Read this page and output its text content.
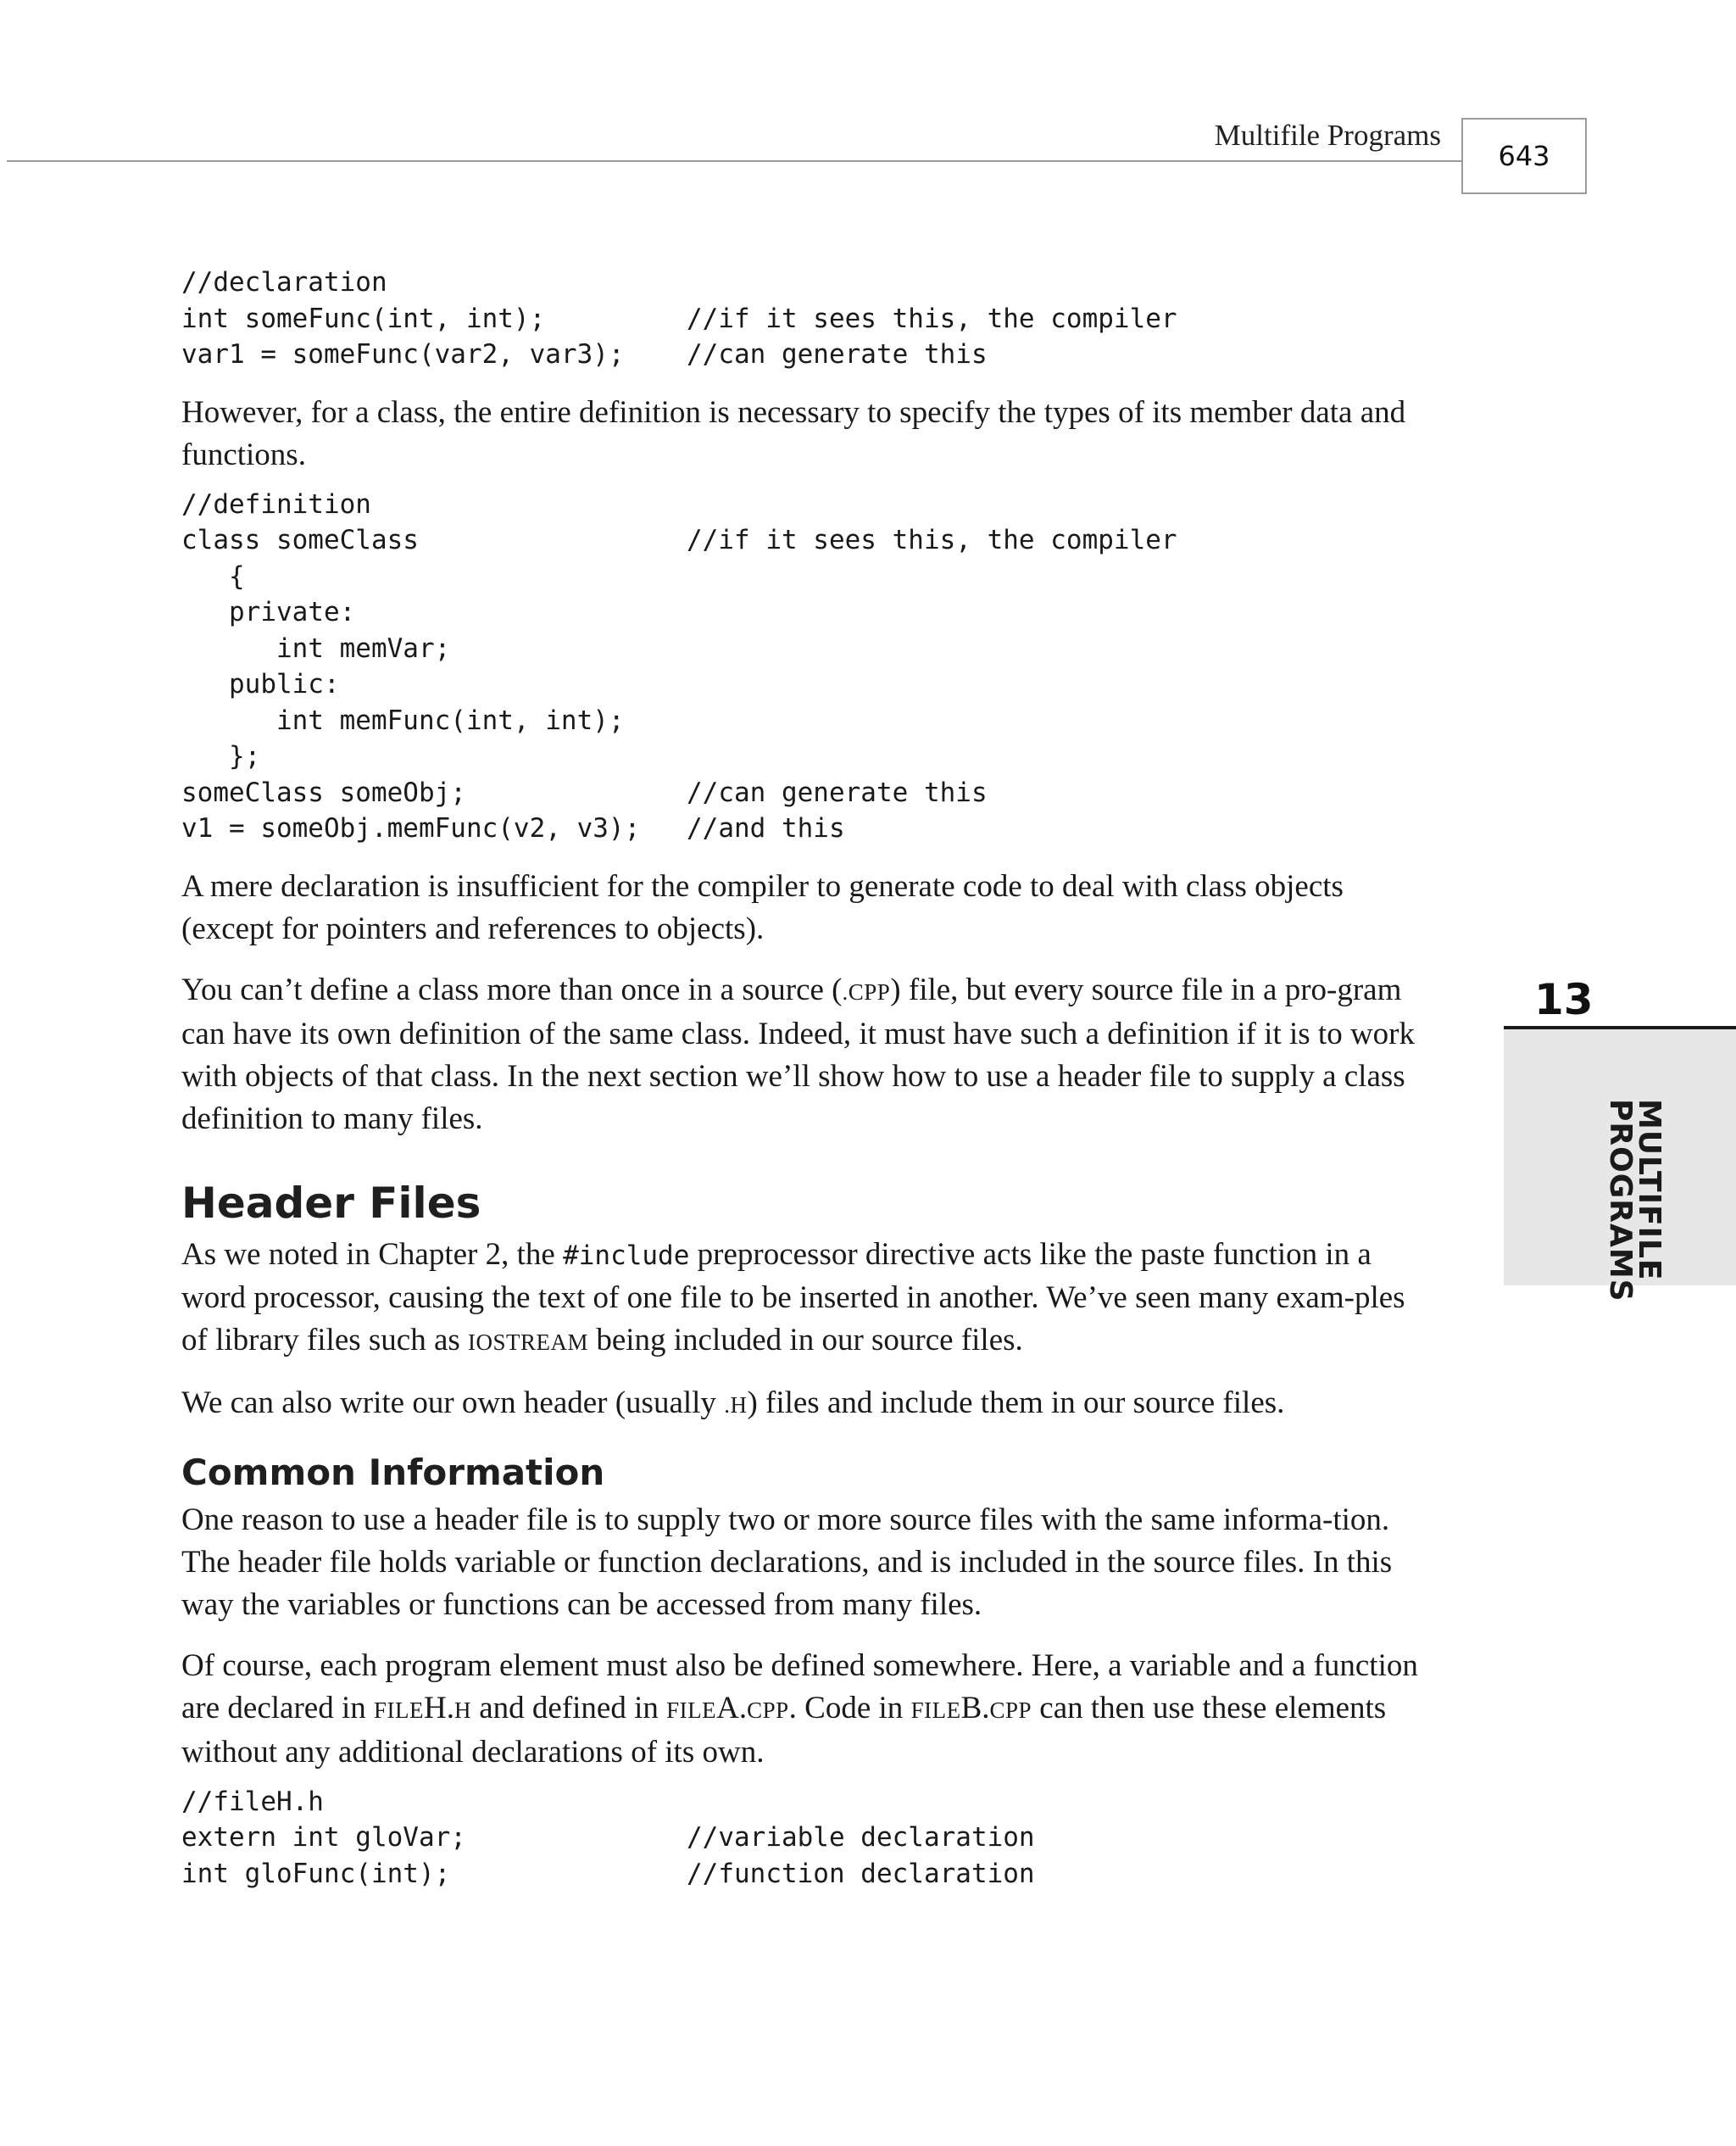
Multifile Programs
643
13
MULTIFILE
PROGRAMS
//declaration
int someFunc(int, int);	//if it sees this, the compiler
var1 = someFunc(var2, var3); //can generate this

However, for a class, the entire definition is necessary to specify the types of its member data and functions.

//definition
class someClass	//if it sees this, the compiler
{
private:
int memVar;
public:
int memFunc(int, int);
};
someClass someObj;	//can generate this
v1 = someObj.memFunc(v2, v3); //and this

A mere declaration is insufficient for the compiler to generate code to deal with class objects (except for pointers and references to objects).

You can’t define a class more than once in a source (.CPP) file, but every source file in a pro-gram can have its own definition of the same class. Indeed, it must have such a definition if it is to work with objects of that class. In the next section we’ll show how to use a header file to supply a class definition to many files.

Header Files

As we noted in Chapter 2, the #include preprocessor directive acts like the paste function in a word processor, causing the text of one file to be inserted in another. We’ve seen many exam-ples of library files such as IOSTREAM being included in our source files.

We can also write our own header (usually .H) files and include them in our source files.

Common Information

One reason to use a header file is to supply two or more source files with the same informa-tion. The header file holds variable or function declarations, and is included in the source files. In this way the variables or functions can be accessed from many files.

Of course, each program element must also be defined somewhere. Here, a variable and a function are declared in FILEH.H and defined in FILEA.CPP. Code in FILEB.CPP can then use these elements without any additional declarations of its own.

//fileH.h
extern int gloVar;	//variable declaration
int gloFunc(int);	//function declaration
